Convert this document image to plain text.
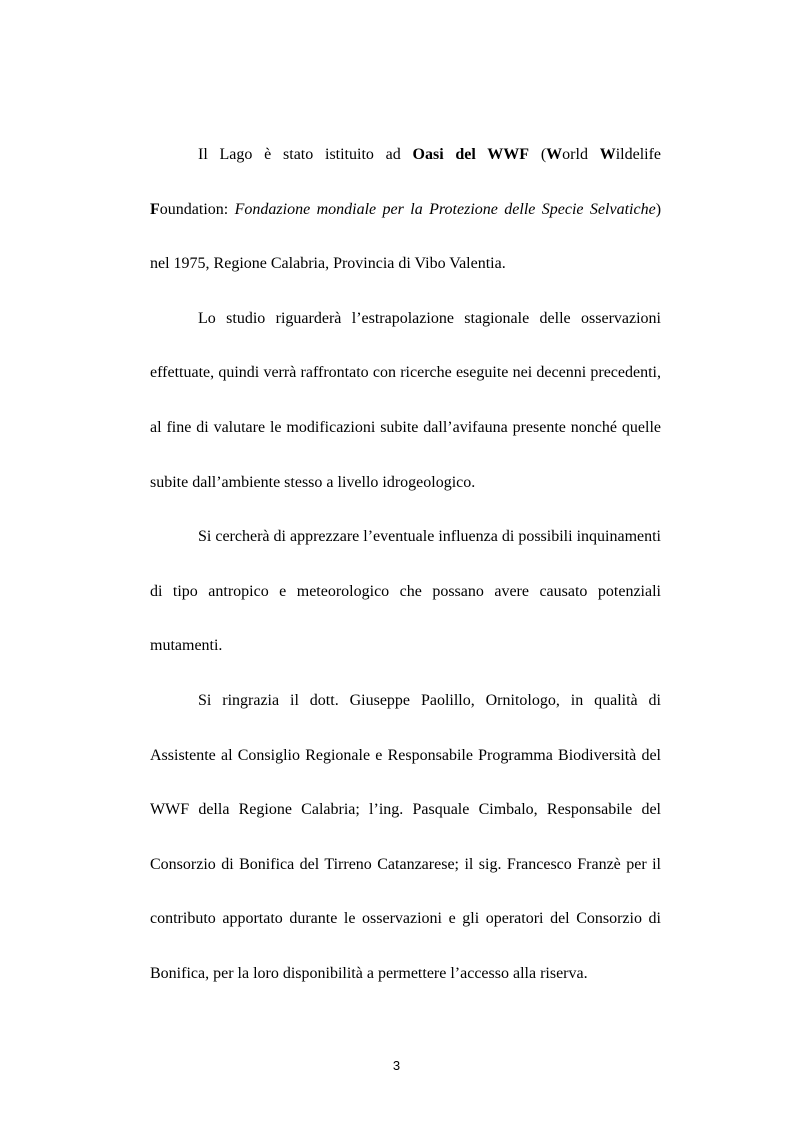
Il Lago è stato istituito ad Oasi del WWF (World Wildelife Foundation: Fondazione mondiale per la Protezione delle Specie Selvatiche) nel 1975, Regione Calabria, Provincia di Vibo Valentia.

Lo studio riguarderà l’estrapolazione stagionale delle osservazioni effettuate, quindi verrà raffrontato con ricerche eseguite nei decenni precedenti, al fine di valutare le modificazioni subite dall’avifauna presente nonché quelle subite dall’ambiente stesso a livello idrogeologico.

Si cercherà di apprezzare l’eventuale influenza di possibili inquinamenti di tipo antropico e meteorologico che possano avere causato potenziali mutamenti.

Si ringrazia il dott. Giuseppe Paolillo, Ornitologo, in qualità di Assistente al Consiglio Regionale e Responsabile Programma Biodiversità del WWF della Regione Calabria; l’ing. Pasquale Cimbalo, Responsabile del Consorzio di Bonifica del Tirreno Catanzarese; il sig. Francesco Franzè per il contributo apportato durante le osservazioni e gli operatori del Consorzio di Bonifica, per la loro disponibilità a permettere l’accesso alla riserva.

3
